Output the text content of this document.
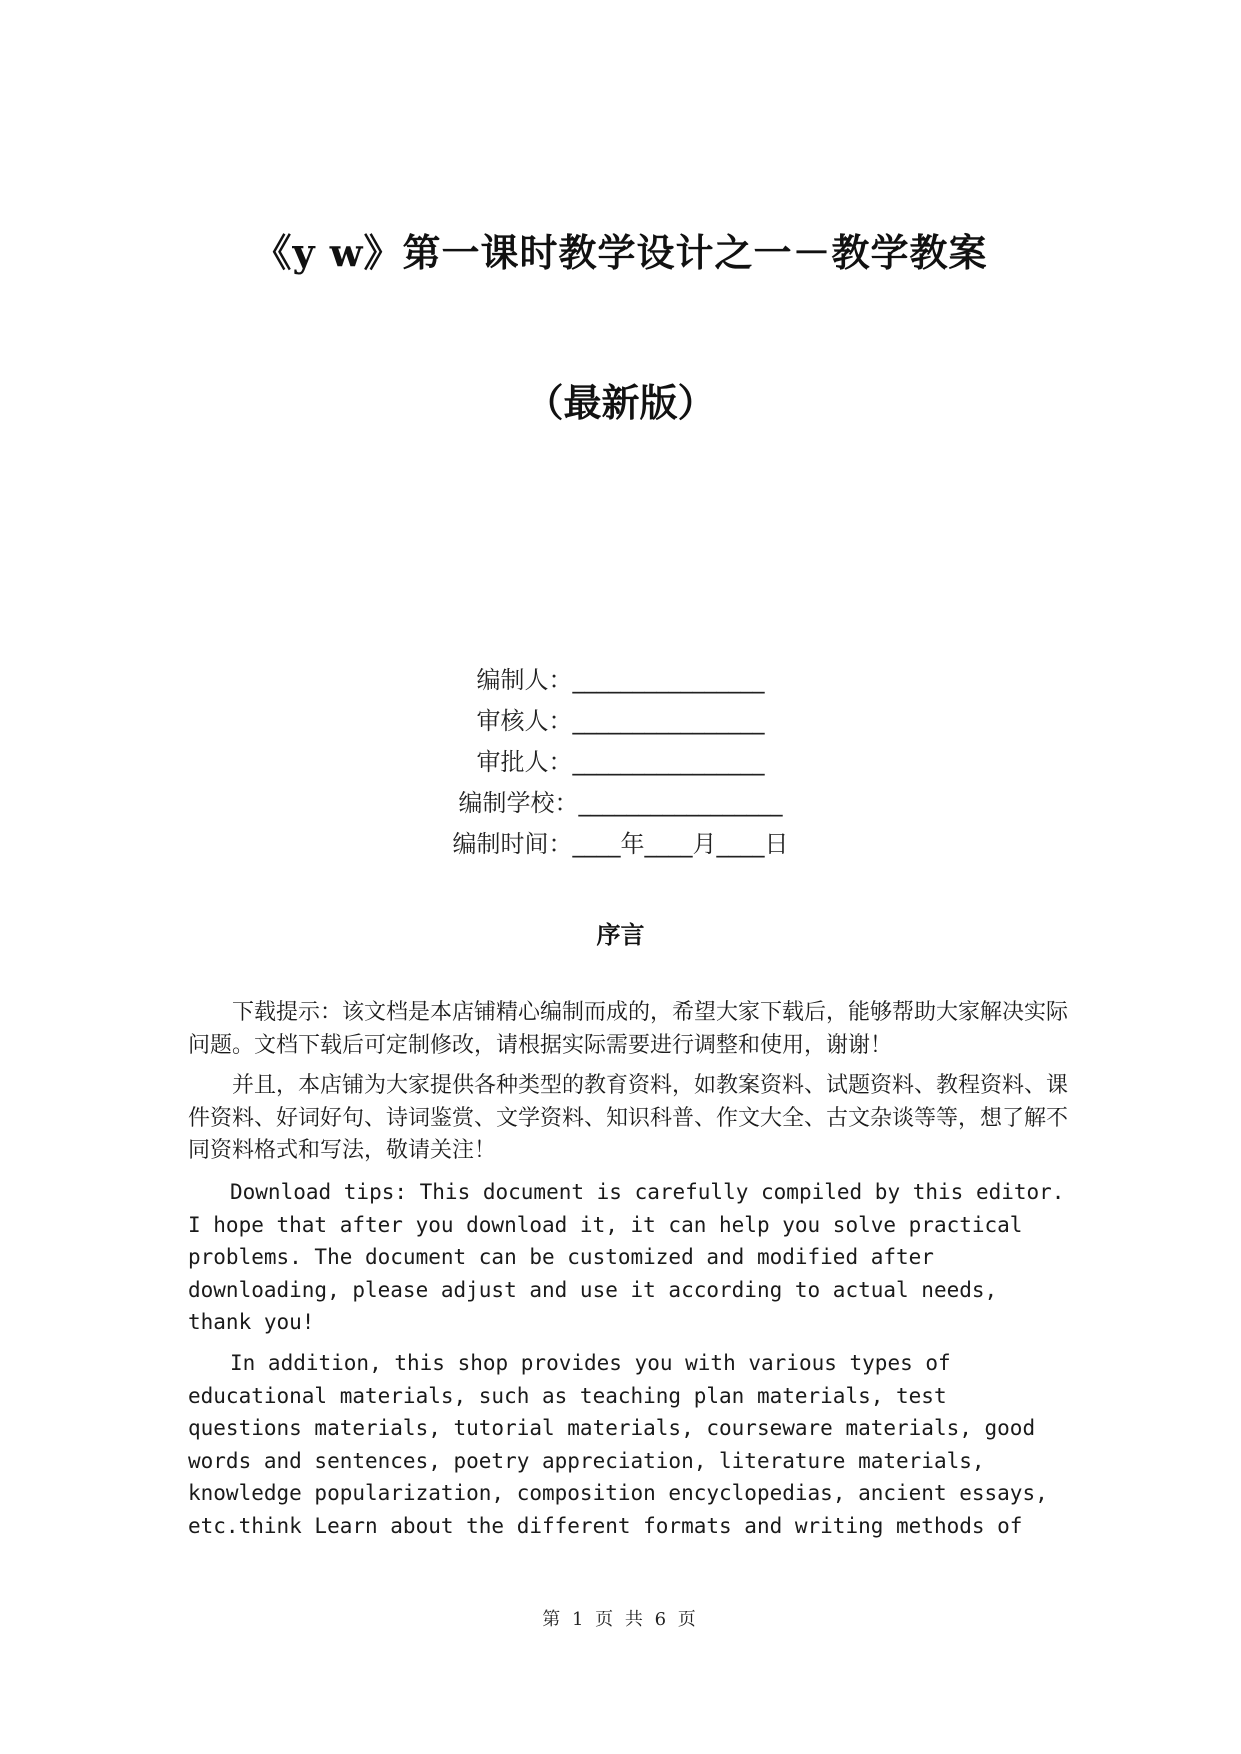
《y w》第一课时教学设计之一－教学教案
（最新版）
编制人：________________
审核人：________________
审批人：________________
编制学校：_________________
编制时间：____年____月____日
序言

下载提示：该文档是本店铺精心编制而成的，希望大家下载后，能够帮助大家解决实际问题。文档下载后可定制修改，请根据实际需要进行调整和使用，谢谢！

并且，本店铺为大家提供各种类型的教育资料，如教案资料、试题资料、教程资料、课件资料、好词好句、诗词鉴赏、文学资料、知识科普、作文大全、古文杂谈等等，想了解不同资料格式和写法，敬请关注！

Download tips: This document is carefully compiled by this editor. I hope that after you download it, it can help you solve practical problems. The document can be customized and modified after downloading, please adjust and use it according to actual needs, thank you!

In addition, this shop provides you with various types of educational materials, such as teaching plan materials, test questions materials, tutorial materials, courseware materials, good words and sentences, poetry appreciation, literature materials, knowledge popularization, composition encyclopedias, ancient essays, etc.think Learn about the different formats and writing methods of

第 1 页 共 6 页
